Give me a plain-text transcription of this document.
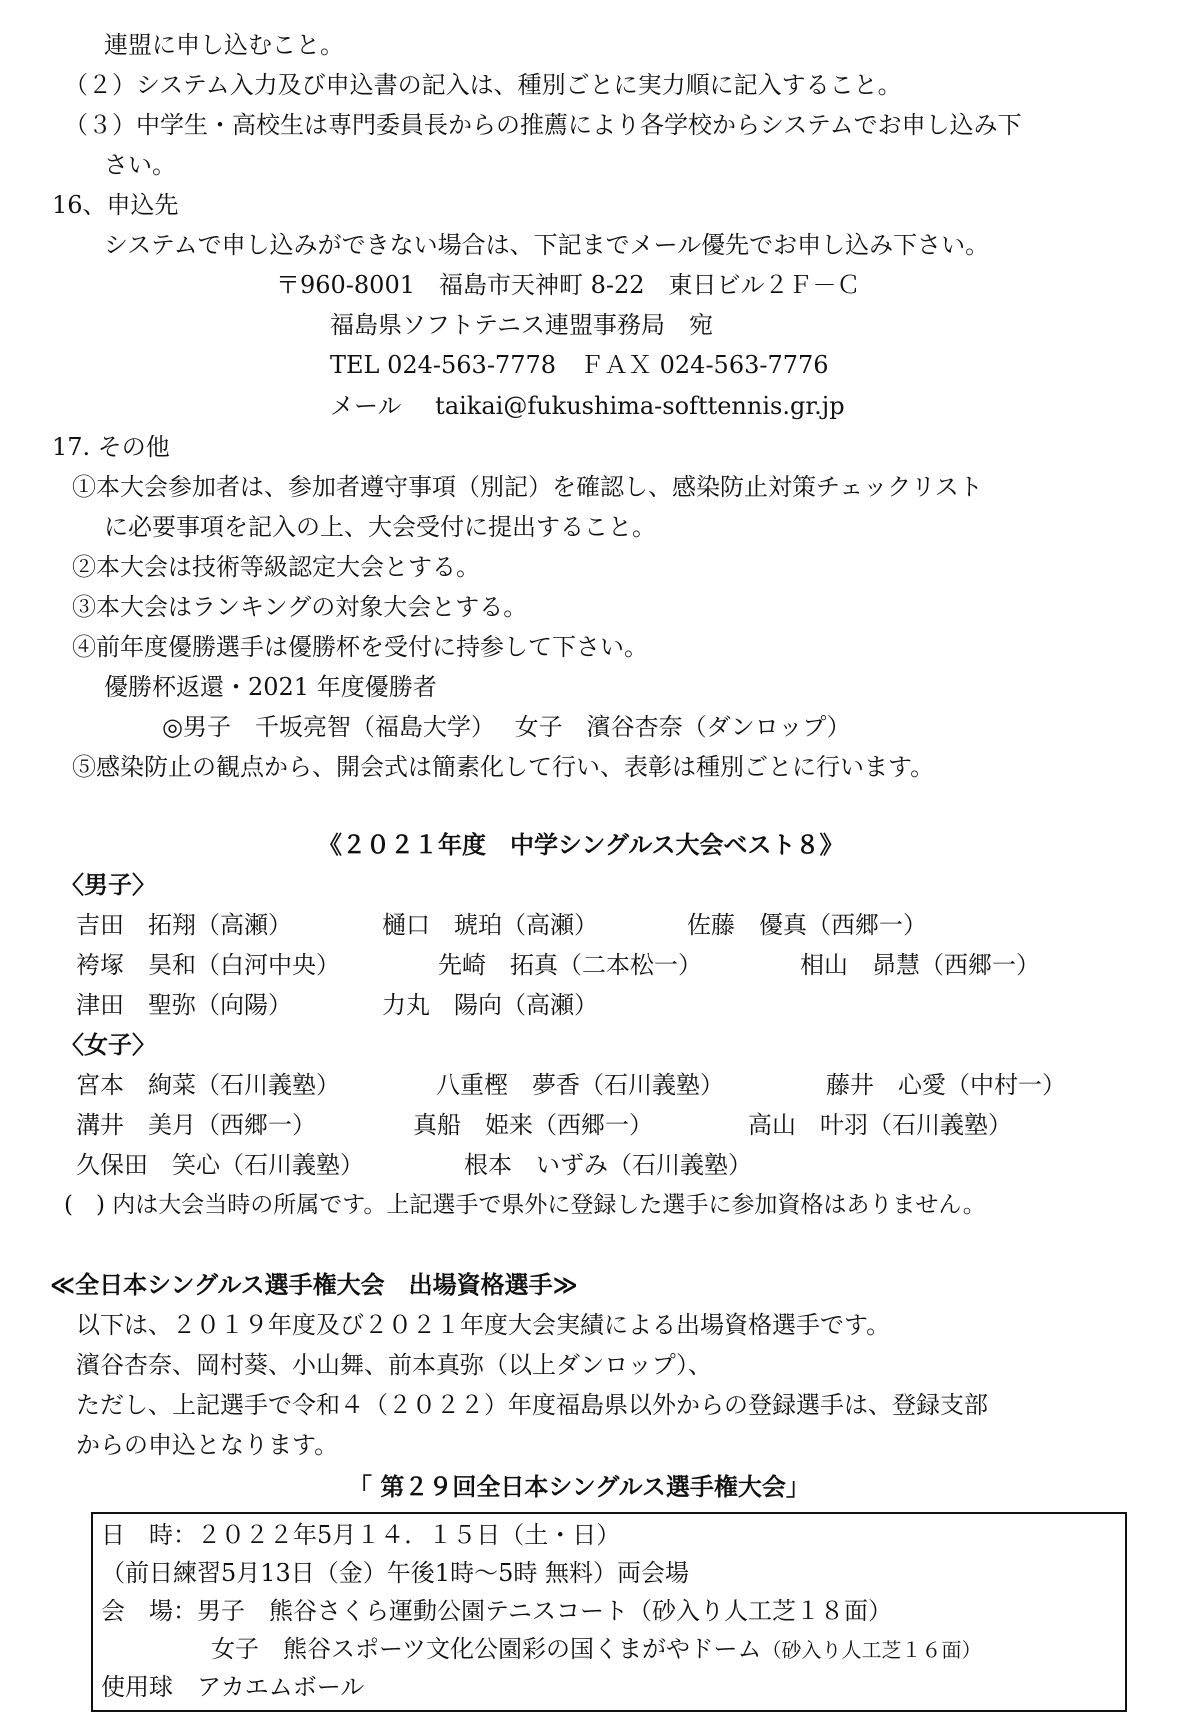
連盟に申し込むこと。
（２）システム入力及び申込書の記入は、種別ごとに実力順に記入すること。
（３）中学生・高校生は専門委員長からの推薦により各学校からシステムでお申し込み下
さい。
16、申込先
システムで申し込みができない場合は、下記までメール優先でお申し込み下さい。
〒960-8001　福島市天神町 8-22　東日ビル２Ｆ－Ｃ
福島県ソフトテニス連盟事務局　宛
TEL 024-563-7778　ＦＡＸ 024-563-7776
メール taikai@fukushima-softtennis.gr.jp
17. その他
①本大会参加者は、参加者遵守事項（別記）を確認し、感染防止対策チェックリスト
に必要事項を記入の上、大会受付に提出すること。
②本大会は技術等級認定大会とする。
③本大会はランキングの対象大会とする。
④前年度優勝選手は優勝杯を受付に持参して下さい。
優勝杯返還・2021 年度優勝者
◎男子　千坂亮智（福島大学）　 女子　濱谷杏奈（ダンロップ）
⑤感染防止の観点から、開会式は簡素化して行い、表彰は種別ごとに行います。
《２０２１年度　中学シングルス大会ベスト８》
〈男子〉
吉田　拓翔（高瀬）	樋口　琥珀（高瀬）	佐藤　優真（西郷一）
袴塚　昊和（白河中央）	先崎　拓真（二本松一）	相山　昴慧（西郷一）
津田　聖弥（向陽）	力丸　陽向（高瀬）
〈女子〉
宮本　絢菜（石川義塾）	八重樫　夢香（石川義塾）	藤井　心愛（中村一）
溝井　美月（西郷一）	真船　姫来（西郷一）	高山　叶羽（石川義塾）
久保田　笑心（石川義塾）	根本　いずみ（石川義塾）
(　) 内は大会当時の所属です。上記選手で県外に登録した選手に参加資格はありません。
≪全日本シングルス選手権大会　出場資格選手≫
以下は、２０１９年度及び２０２１年度大会実績による出場資格選手です。
濱谷杏奈、岡村葵、小山舞、前本真弥（以上ダンロップ）、
ただし、上記選手で令和４（２０２２）年度福島県以外からの登録選手は、登録支部
からの申込となります。
「 第２９回全日本シングルス選手権大会」
日　時：２０２２年5月１４．１５日（土・日）
（前日練習5月13日（金）午後1時～5時 無料）両会場
会　場：男子　熊谷さくら運動公園テニスコート（砂入り人工芝１８面）
女子　熊谷スポーツ文化公園彩の国くまがやドーム（砂入り人工芝１６面）
使用球　アカエムボール
